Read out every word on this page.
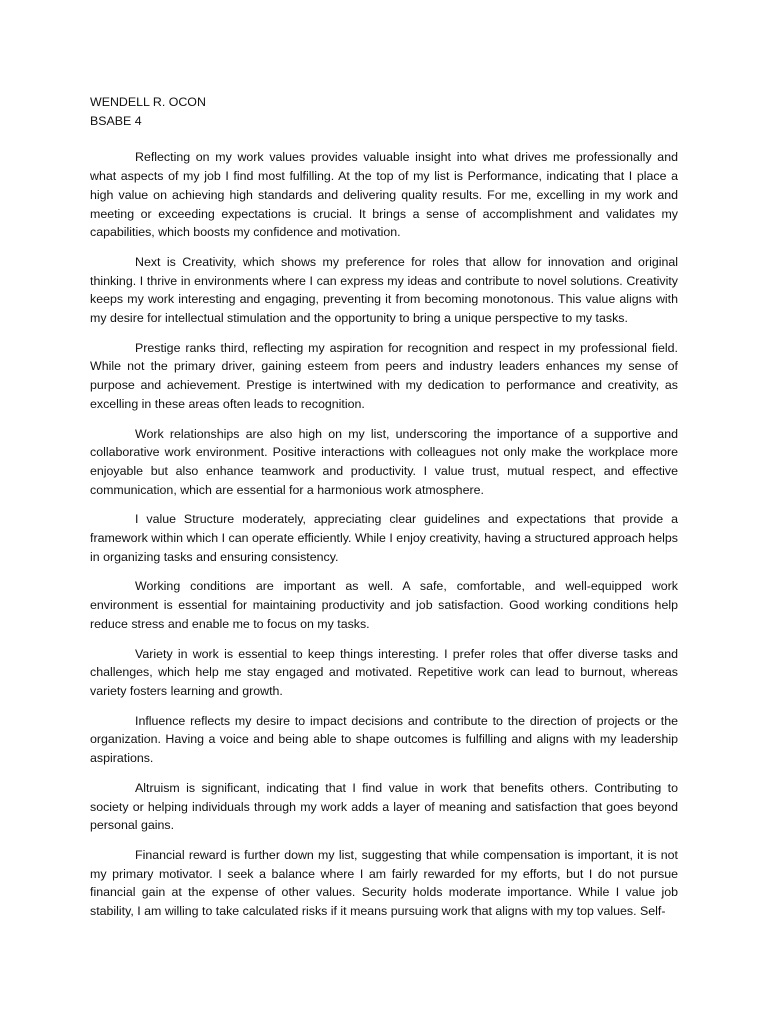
WENDELL R. OCON

BSABE 4

Reflecting on my work values provides valuable insight into what drives me professionally and what aspects of my job I find most fulfilling. At the top of my list is Performance, indicating that I place a high value on achieving high standards and delivering quality results. For me, excelling in my work and meeting or exceeding expectations is crucial. It brings a sense of accomplishment and validates my capabilities, which boosts my confidence and motivation.

Next is Creativity, which shows my preference for roles that allow for innovation and original thinking. I thrive in environments where I can express my ideas and contribute to novel solutions. Creativity keeps my work interesting and engaging, preventing it from becoming monotonous. This value aligns with my desire for intellectual stimulation and the opportunity to bring a unique perspective to my tasks.

Prestige ranks third, reflecting my aspiration for recognition and respect in my professional field. While not the primary driver, gaining esteem from peers and industry leaders enhances my sense of purpose and achievement. Prestige is intertwined with my dedication to performance and creativity, as excelling in these areas often leads to recognition.

Work relationships are also high on my list, underscoring the importance of a supportive and collaborative work environment. Positive interactions with colleagues not only make the workplace more enjoyable but also enhance teamwork and productivity. I value trust, mutual respect, and effective communication, which are essential for a harmonious work atmosphere.

I value Structure moderately, appreciating clear guidelines and expectations that provide a framework within which I can operate efficiently. While I enjoy creativity, having a structured approach helps in organizing tasks and ensuring consistency.

Working conditions are important as well. A safe, comfortable, and well-equipped work environment is essential for maintaining productivity and job satisfaction. Good working conditions help reduce stress and enable me to focus on my tasks.

Variety in work is essential to keep things interesting. I prefer roles that offer diverse tasks and challenges, which help me stay engaged and motivated. Repetitive work can lead to burnout, whereas variety fosters learning and growth.

Influence reflects my desire to impact decisions and contribute to the direction of projects or the organization. Having a voice and being able to shape outcomes is fulfilling and aligns with my leadership aspirations.

Altruism is significant, indicating that I find value in work that benefits others. Contributing to society or helping individuals through my work adds a layer of meaning and satisfaction that goes beyond personal gains.

Financial reward is further down my list, suggesting that while compensation is important, it is not my primary motivator. I seek a balance where I am fairly rewarded for my efforts, but I do not pursue financial gain at the expense of other values. Security holds moderate importance. While I value job stability, I am willing to take calculated risks if it means pursuing work that aligns with my top values. Self-
